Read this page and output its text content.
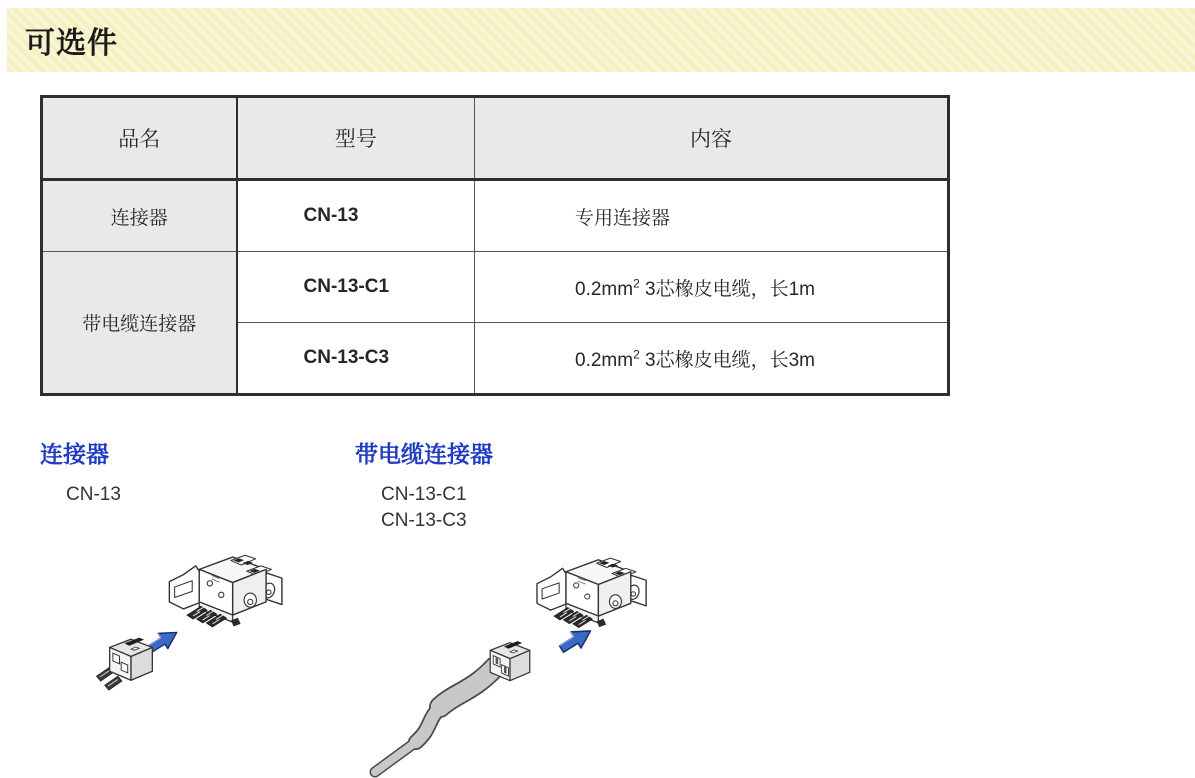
可选件
品名	型号	内容
连接器	CN-13	专用连接器
带电缆连接器	CN-13-C1	$0.2mm^2$ 3芯橡皮电缆，长1m
	CN-13-C3	$0.2mm^2$ 3芯橡皮电缆，长3m
连接器
CN-13
带电缆连接器
CN-13-C1
CN-13-C3
